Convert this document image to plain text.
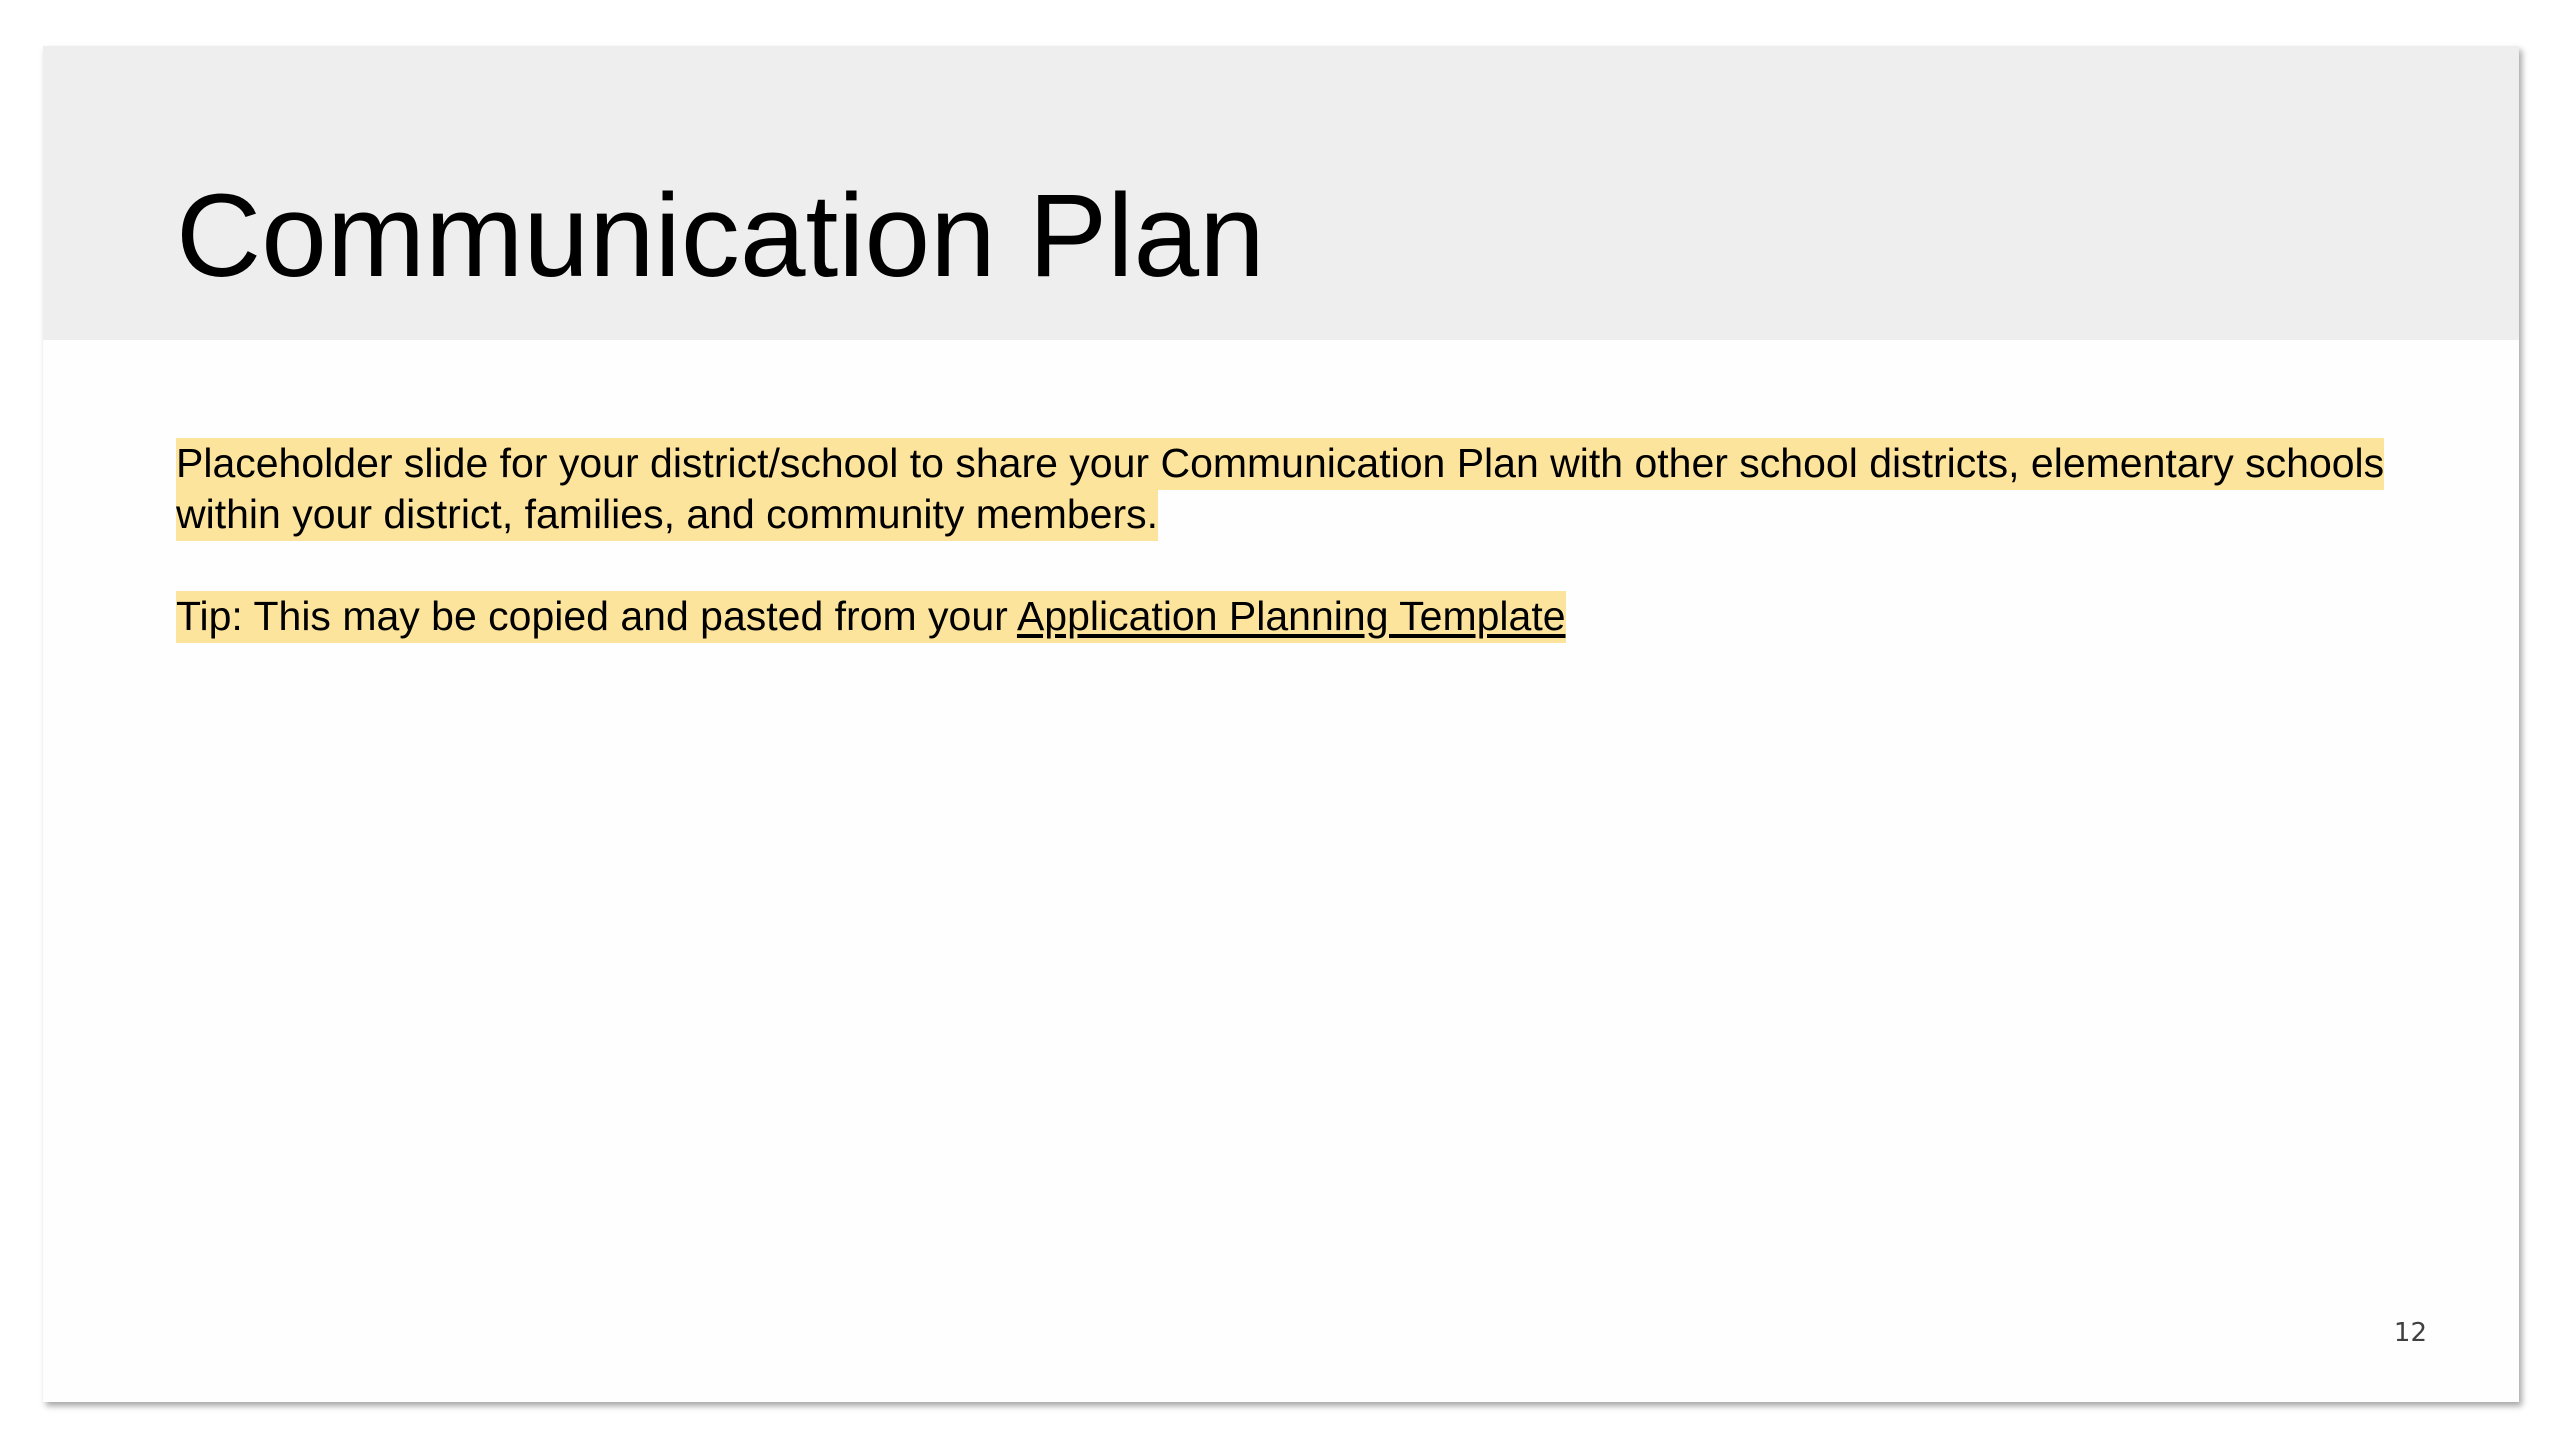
Communication Plan

Placeholder slide for your district/school to share your Communication Plan with other school districts, elementary schools within your district, families, and community members.

Tip: This may be copied and pasted from your Application Planning Template

12
